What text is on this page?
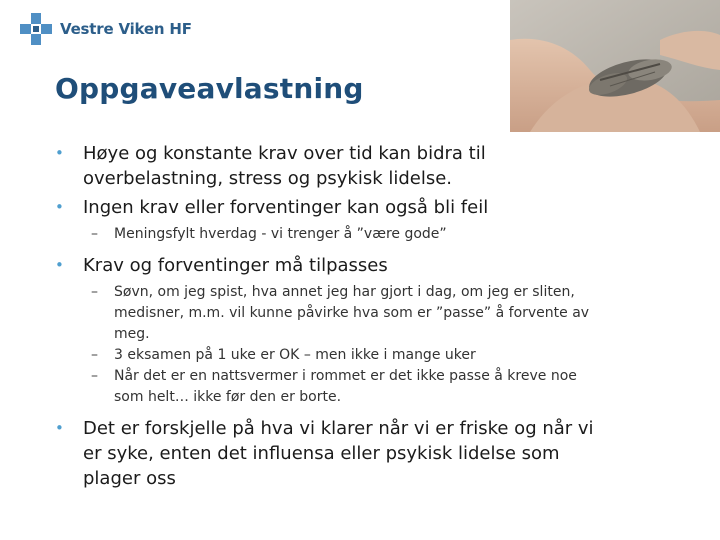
Vestre Viken HF
Oppgaveavlastning
• Høye og konstante krav over tid kan bidra til
overbelastning, stress og psykisk lidelse.
• Ingen krav eller forventinger kan også bli feil
– Meningsfylt hverdag - vi trenger å ”være gode”
• Krav og forventinger må tilpasses
– Søvn, om jeg spist, hva annet jeg har gjort i dag, om jeg er sliten,
medisner, m.m. vil kunne påvirke hva som er ”passe” å forvente av
meg.
– 3 eksamen på 1 uke er OK – men ikke i mange uker
– Når det er en nattsvermer i rommet er det ikke passe å kreve noe
som helt… ikke før den er borte.
• Det er forskjelle på hva vi klarer når vi er friske og når vi
er syke, enten det influensa eller psykisk lidelse som
plager oss
